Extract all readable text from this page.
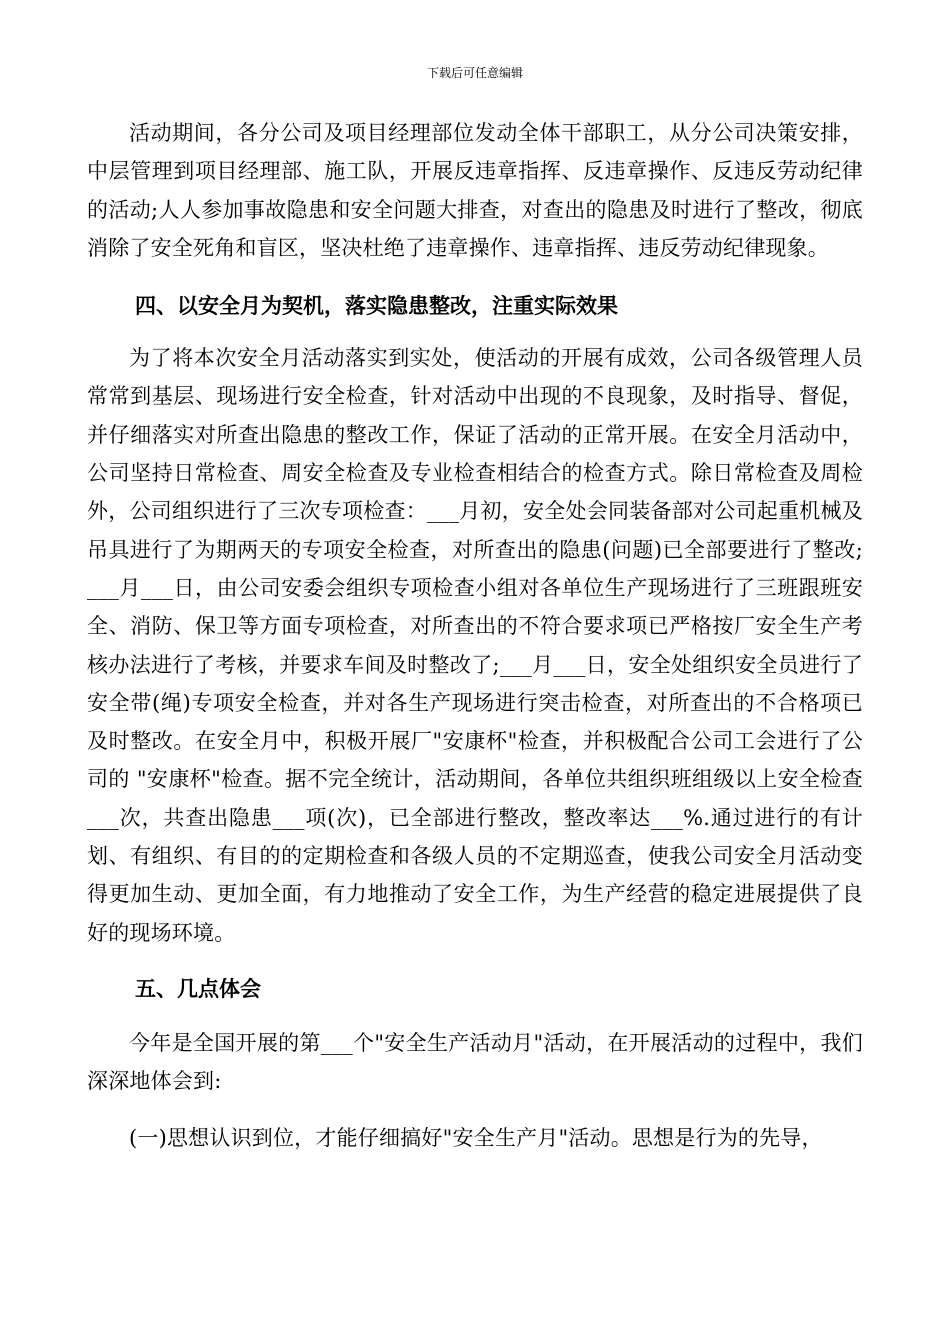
下载后可任意编辑

活动期间，各分公司及项目经理部位发动全体干部职工，从分公司决策安排，中层管理到项目经理部、施工队，开展反违章指挥、反违章操作、反违反劳动纪律的活动;人人参加事故隐患和安全问题大排查，对查出的隐患及时进行了整改，彻底消除了安全死角和盲区，坚决杜绝了违章操作、违章指挥、违反劳动纪律现象。

四、以安全月为契机，落实隐患整改，注重实际效果

为了将本次安全月活动落实到实处，使活动的开展有成效，公司各级管理人员常常到基层、现场进行安全检查，针对活动中出现的不良现象，及时指导、督促，并仔细落实对所查出隐患的整改工作，保证了活动的正常开展。在安全月活动中，公司坚持日常检查、周安全检查及专业检查相结合的检查方式。除日常检查及周检外，公司组织进行了三次专项检查：___月初，安全处会同装备部对公司起重机械及吊具进行了为期两天的专项安全检查，对所查出的隐患(问题)已全部要进行了整改;___月___日，由公司安委会组织专项检查小组对各单位生产现场进行了三班跟班安全、消防、保卫等方面专项检查，对所查出的不符合要求项已严格按厂安全生产考核办法进行了考核，并要求车间及时整改了;___月___日，安全处组织安全员进行了安全带(绳)专项安全检查，并对各生产现场进行突击检查，对所查出的不合格项已及时整改。在安全月中，积极开展厂"安康杯"检查，并积极配合公司工会进行了公司的 "安康杯"检查。据不完全统计，活动期间，各单位共组织班组级以上安全检查___次，共查出隐患___项(次)，已全部进行整改，整改率达___%.通过进行的有计划、有组织、有目的的定期检查和各级人员的不定期巡查，使我公司安全月活动变得更加生动、更加全面，有力地推动了安全工作，为生产经营的稳定进展提供了良好的现场环境。

五、几点体会

今年是全国开展的第___个"安全生产活动月"活动，在开展活动的过程中，我们深深地体会到:

(一)思想认识到位，才能仔细搞好"安全生产月"活动。思想是行为的先导，
